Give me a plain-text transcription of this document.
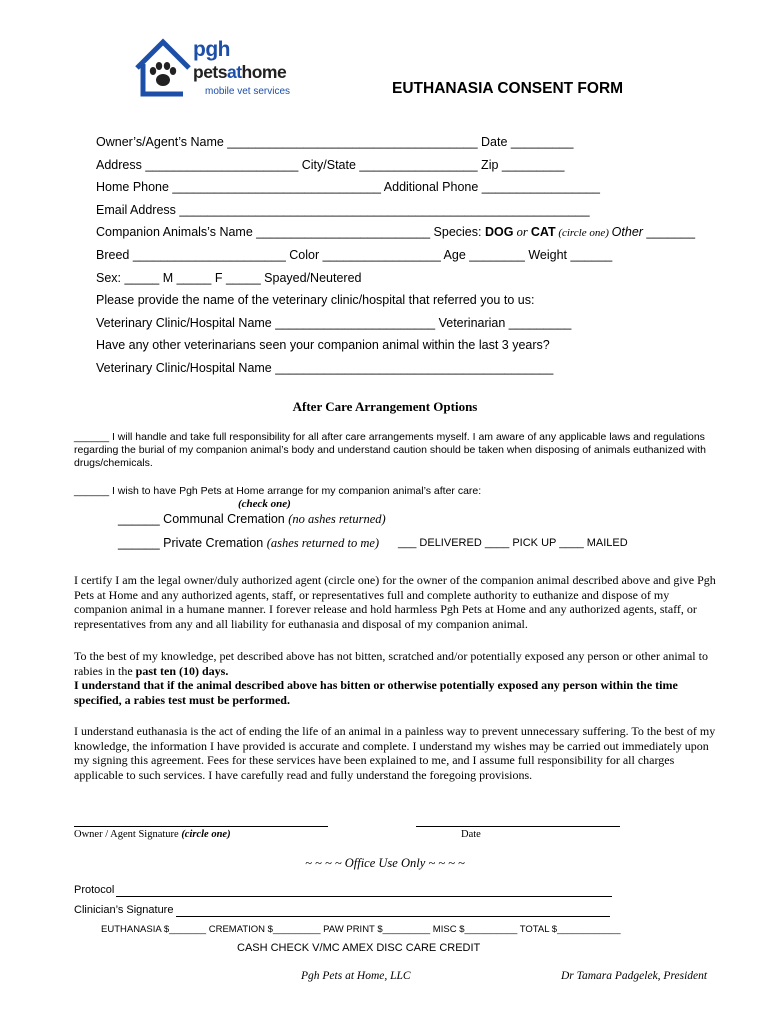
pgh
petsathome
mobile vet services	EUTHANASIA CONSENT FORM
Owner’s/Agent’s Name ____________________________________ Date _________
Address ______________________ City/State _________________ Zip _________
Home Phone ______________________________ Additional Phone _________________
Email Address ___________________________________________________________
Companion Animals’s Name _________________________ Species: DOG or CAT (circle one) Other _______
Breed ______________________ Color _________________ Age ________ Weight ______
Sex: _____ M _____ F _____ Spayed/Neutered
Please provide the name of the veterinary clinic/hospital that referred you to us:
Veterinary Clinic/Hospital Name _______________________ Veterinarian _________
Have any other veterinarians seen your companion animal within the last 3 years?
Veterinary Clinic/Hospital Name ________________________________________
After Care Arrangement Options
______ I will handle and take full responsibility for all after care arrangements myself. I am aware of any applicable laws and regulations regarding the burial of my companion animal’s body and understand caution should be taken when disposing of animals euthanized with drugs/chemicals.
______ I wish to have Pgh Pets at Home arrange for my companion animal’s after care:
(check one)
______ Communal Cremation (no ashes returned)
______ Private Cremation (ashes returned to me) ___ DELIVERED ____ PICK UP ____ MAILED
I certify I am the legal owner/duly authorized agent (circle one) for the owner of the companion animal described above and give Pgh Pets at Home and any authorized agents, staff, or representatives full and complete authority to euthanize and dispose of my companion animal in a humane manner. I forever release and hold harmless Pgh Pets at Home and any authorized agents, staff, or representatives from any and all liability for euthanasia and disposal of my companion animal.
To the best of my knowledge, pet described above has not bitten, scratched and/or potentially exposed any person or other animal to rabies in the past ten (10) days.
I understand that if the animal described above has bitten or otherwise potentially exposed any person within the time specified, a rabies test must be performed.
I understand euthanasia is the act of ending the life of an animal in a painless way to prevent unnecessary suffering. To the best of my knowledge, the information I have provided is accurate and complete. I understand my wishes may be carried out immediately upon my signing this agreement. Fees for these services have been explained to me, and I assume full responsibility for all charges applicable to such services. I have carefully read and fully understand the foregoing provisions.
Owner / Agent Signature (circle one)	Date
~ ~ ~ ~ Office Use Only ~ ~ ~ ~
Protocol
Clinician’s Signature
EUTHANASIA $_______ CREMATION $_________ PAW PRINT $_________ MISC $__________ TOTAL $____________
CASH CHECK V/MC AMEX DISC CARE CREDIT
Pgh Pets at Home, LLC	Dr Tamara Padgelek, President
